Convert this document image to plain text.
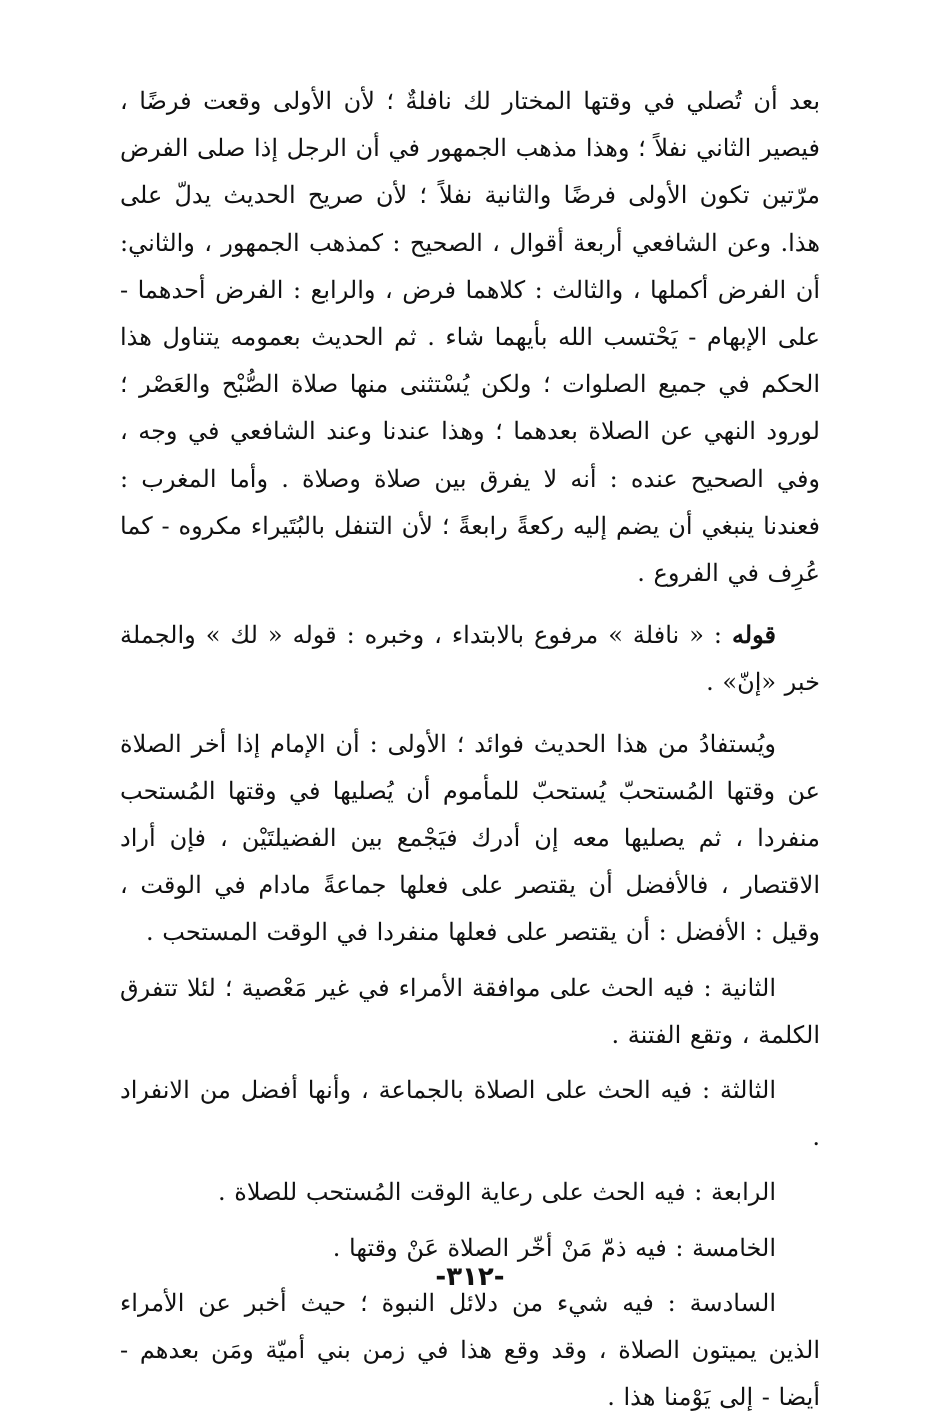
بعد أن تُصلي في وقتها المختار لك نافلةٌ ؛ لأن الأولى وقعت فرضًا ، فيصير الثاني نفلاً ؛ وهذا مذهب الجمهور في أن الرجل إذا صلى الفرض مرّتين تكون الأولى فرضًا والثانية نفلاً ؛ لأن صريح الحديث يدلّ على هذا. وعن الشافعي أربعة أقوال ، الصحيح : كمذهب الجمهور ، والثاني: أن الفرض أكملها ، والثالث : كلاهما فرض ، والرابع : الفرض أحدهما - على الإبهام - يَحْتسب الله بأيهما شاء . ثم الحديث بعمومه يتناول هذا الحكم في جميع الصلوات ؛ ولكن يُسْتثنى منها صلاة الصُّبْح والعَصْر ؛ لورود النهي عن الصلاة بعدهما ؛ وهذا عندنا وعند الشافعي في وجه ، وفي الصحيح عنده : أنه لا يفرق بين صلاة وصلاة . وأما المغرب : فعندنا ينبغي أن يضم إليه ركعةً رابعةً ؛ لأن التنفل بالبُتَيراء مكروه - كما عُرِف في الفروع .

قوله : « نافلة » مرفوع بالابتداء ، وخبره : قوله « لك » والجملة خبر «إنّ» .

ويُستفادُ من هذا الحديث فوائد ؛ الأولى : أن الإمام إذا أخر الصلاة عن وقتها المُستحبّ يُستحبّ للمأموم أن يُصليها في وقتها المُستحب منفردا ، ثم يصليها معه إن أدرك فيَجْمع بين الفضيلتَيْن ، فإن أراد الاقتصار ، فالأفضل أن يقتصر على فعلها جماعةً مادام في الوقت ، وقيل : الأفضل : أن يقتصر على فعلها منفردا في الوقت المستحب .

الثانية : فيه الحث على موافقة الأمراء في غير مَعْصية ؛ لئلا تتفرق الكلمة ، وتقع الفتنة .

الثالثة : فيه الحث على الصلاة بالجماعة ، وأنها أفضل من الانفراد .

الرابعة : فيه الحث على رعاية الوقت المُستحب للصلاة .

الخامسة : فيه ذمّ مَنْ أخّر الصلاة عَنْ وقتها .

السادسة : فيه شيء من دلائل النبوة ؛ حيث أخبر عن الأمراء الذين يميتون الصلاة ، وقد وقع هذا في زمن بني أميّة ومَن بعدهم - أيضا - إلى يَوْمنا هذا .

-٣١٢-
